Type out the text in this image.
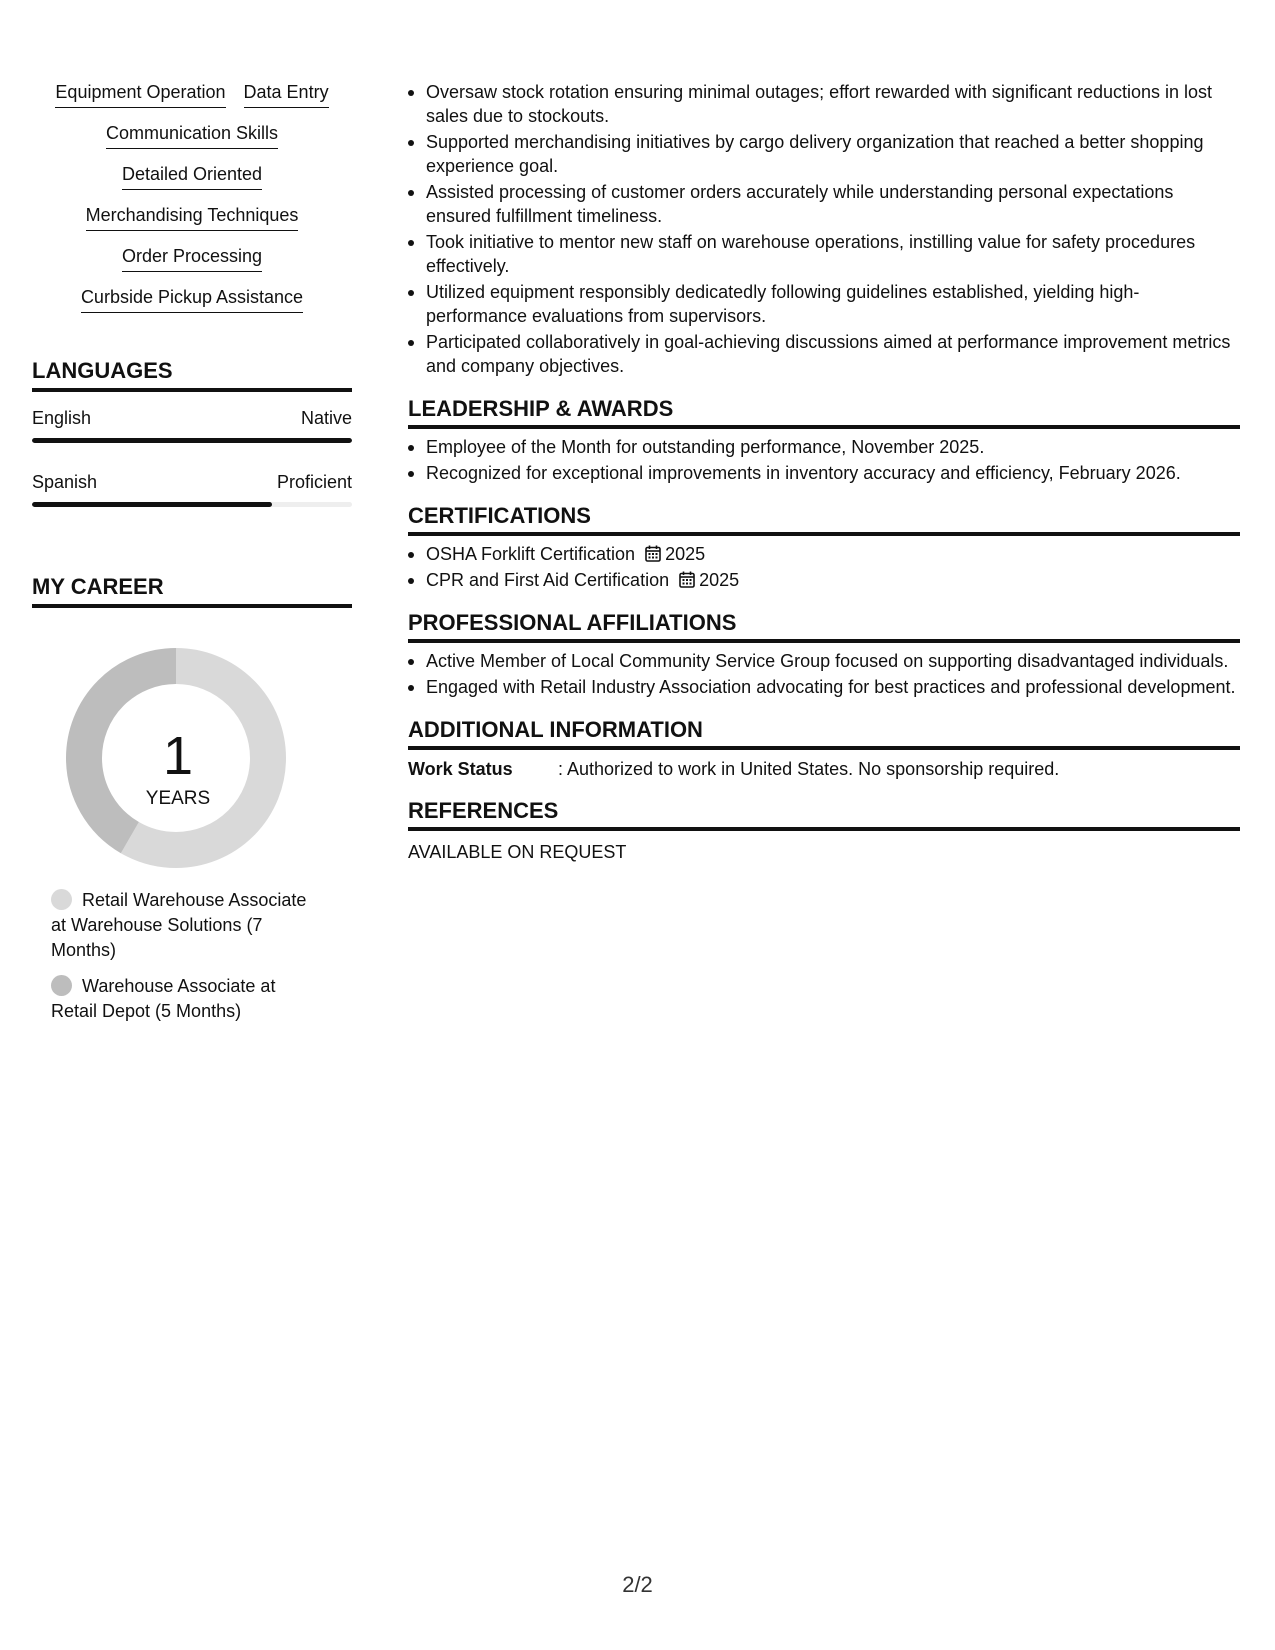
Equipment Operation Data Entry
Communication Skills
Detailed Oriented
Merchandising Techniques
Order Processing
Curbside Pickup Assistance
LANGUAGES
English	Native
Spanish	Proficient
MY CAREER
1
YEARS
Retail Warehouse Associate at Warehouse Solutions (7 Months)
Warehouse Associate at Retail Depot (5 Months)
Oversaw stock rotation ensuring minimal outages; effort rewarded with significant reductions in lost sales due to stockouts.
Supported merchandising initiatives by cargo delivery organization that reached a better shopping experience goal.
Assisted processing of customer orders accurately while understanding personal expectations ensured fulfillment timeliness.
Took initiative to mentor new staff on warehouse operations, instilling value for safety procedures effectively.
Utilized equipment responsibly dedicatedly following guidelines established, yielding high-performance evaluations from supervisors.
Participated collaboratively in goal-achieving discussions aimed at performance improvement metrics and company objectives.
LEADERSHIP & AWARDS
Employee of the Month for outstanding performance, November 2025.
Recognized for exceptional improvements in inventory accuracy and efficiency, February 2026.
CERTIFICATIONS
OSHA Forklift Certification 2025
CPR and First Aid Certification 2025
PROFESSIONAL AFFILIATIONS
Active Member of Local Community Service Group focused on supporting disadvantaged individuals.
Engaged with Retail Industry Association advocating for best practices and professional development.
ADDITIONAL INFORMATION
Work Status	: Authorized to work in United States. No sponsorship required.
REFERENCES
AVAILABLE ON REQUEST
2/2
